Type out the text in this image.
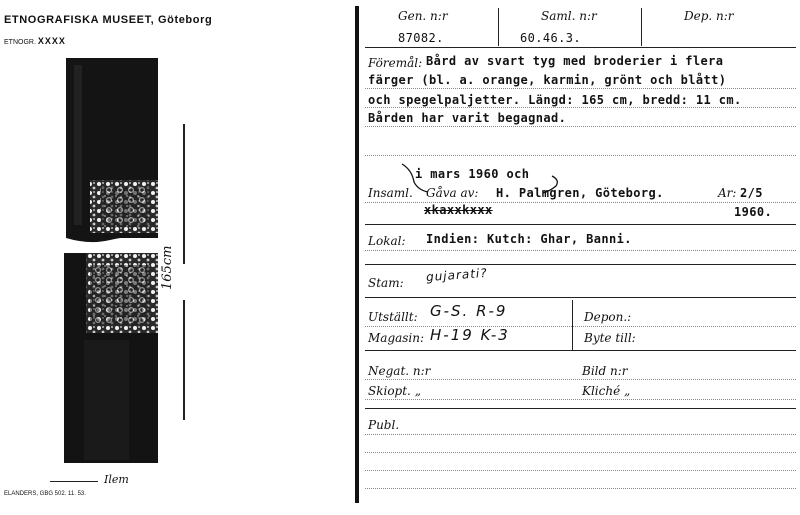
ETNOGRAFISKA MUSEET, Göteborg
ETNOGR. XXXX
165cm
Ilem
ELANDERS, GBG 502. 11. 53.
Gen. n:r
87082.
Saml. n:r
60.46.3.
Dep. n:r
Föremål: Bård av svart tyg med broderier i flera
färger (bl. a. orange, karmin, grönt och blått)
och spegelpaljetter. Längd: 165 cm, bredd: 11 cm.
Bården har varit begagnad.
i mars 1960 och
Insaml. Gåva av: H. Palmgren, Göteborg.	Ar: 2/5
xkaxxkxxx	1960.
Lokal: Indien: Kutch: Ghar, Banni.
Stam: gujarati?
Utställt: G-S. R-9
Magasin: H-19 K-3
Depon.:
Byte till:
Negat. n:r	Bild n:r
Skiopt. „	Kliché „
Publ.
